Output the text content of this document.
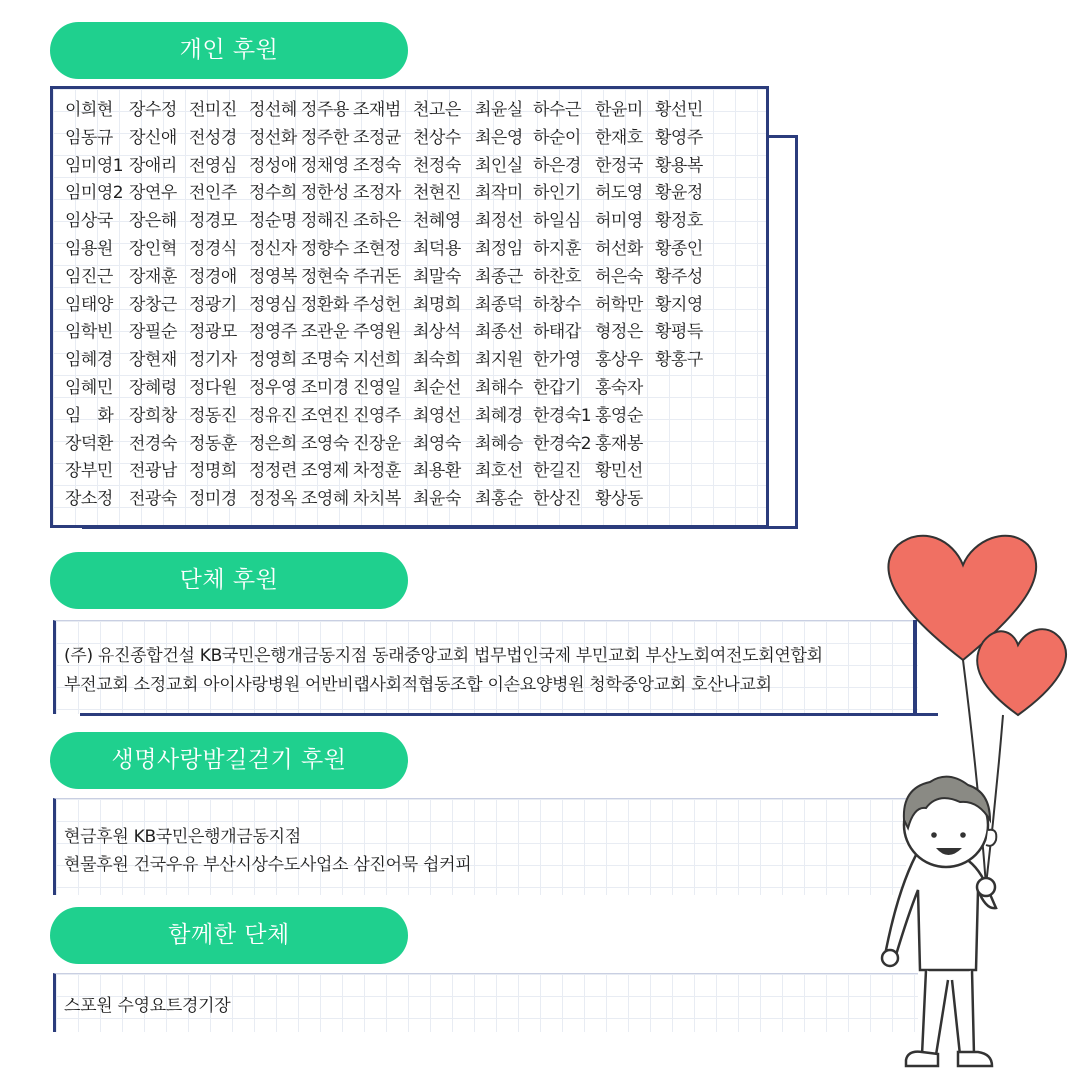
개인 후원
이희현 장수정 전미진 정선혜 정주용 조재범 천고은 최윤실 하수근 한윤미 황선민
임동규 장신애 전성경 정선화 정주한 조정균 천상수 최은영 하순이 한재호 황영주
임미영1 장애리 전영심 정성애 정채영 조정숙 천정숙 최인실 하은경 한정국 황용복
임미영2 장연우 전인주 정수희 정한성 조정자 천현진 최작미 하인기 허도영 황윤정
임상국 장은해 정경모 정순명 정해진 조하은 천혜영 최정선 하일심 허미영 황정호
임용원 장인혁 정경식 정신자 정향수 조현정 최덕용 최정임 하지훈 허선화 황종인
임진근 장재훈 정경애 정영복 정현숙 주귀돈 최말숙 최종근 하찬호 허은숙 황주성
임태양 장창근 정광기 정영심 정환화 주성헌 최명희 최종덕 하창수 허학만 황지영
임학빈 장필순 정광모 정영주 조관운 주영원 최상석 최종선 하태갑 형정은 황평득
임혜경 장현재 정기자 정영희 조명숙 지선희 최숙희 최지원 한가영 홍상우 황홍구
임혜민 장혜령 정다원 정우영 조미경 진영일 최순선 최해수 한갑기 홍숙자
임　화 장희창 정동진 정유진 조연진 진영주 최영선 최혜경 한경숙1 홍영순
장덕환 전경숙 정동훈 정은희 조영숙 진장운 최영숙 최혜승 한경숙2 홍재봉
장부민 전광남 정명희 정정련 조영제 차정훈 최용환 최호선 한길진 황민선
장소정 전광숙 정미경 정정옥 조영혜 차치복 최윤숙 최홍순 한상진 황상동
단체 후원
(주) 유진종합건설 KB국민은행개금동지점 동래중앙교회 법무법인국제 부민교회 부산노회여전도회연합회
부전교회 소정교회 아이사랑병원 어반비랩사회적협동조합 이손요양병원 청학중앙교회 호산나교회
생명사랑밤길걷기 후원
현금후원 KB국민은행개금동지점
현물후원 건국우유 부산시상수도사업소 삼진어묵 쉽커피
함께한 단체
스포원 수영요트경기장
